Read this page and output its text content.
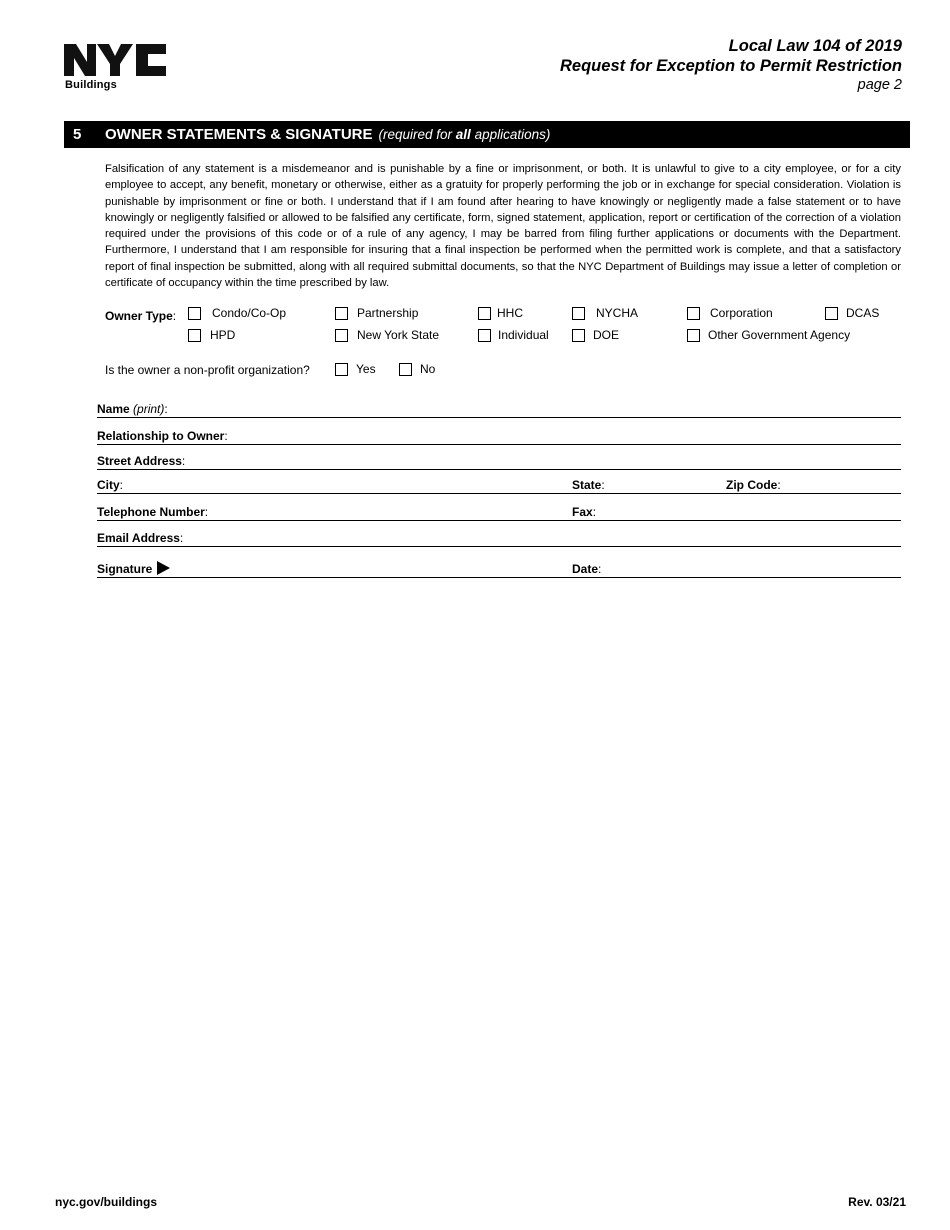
Buildings
Local Law 104 of 2019
Request for Exception to Permit Restriction
page 2
5	OWNER STATEMENTS & SIGNATURE (required for all applications)
Falsification of any statement is a misdemeanor and is punishable by a fine or imprisonment, or both. It is unlawful to give to a city employee, or for a city employee to accept, any benefit, monetary or otherwise, either as a gratuity for properly performing the job or in exchange for special consideration. Violation is punishable by imprisonment or fine or both. I understand that if I am found after hearing to have knowingly or negligently made a false statement or to have knowingly or negligently falsified or allowed to be falsified any certificate, form, signed statement, application, report or certification of the correction of a violation required under the provisions of this code or of a rule of any agency, I may be barred from filing further applications or documents with the Department. Furthermore, I understand that I am responsible for insuring that a final inspection be performed when the permitted work is complete, and that a satisfactory report of final inspection be submitted, along with all required submittal documents, so that the NYC Department of Buildings may issue a letter of completion or certificate of occupancy within the time prescribed by law.
Owner Type:	Condo/Co-Op	Partnership	HHC	NYCHA	Corporation	DCAS
HPD	New York State	Individual	DOE	Other Government Agency
Is the owner a non-profit organization?	Yes	No
Name (print):
Relationship to Owner:
Street Address:
City:	State:	Zip Code:
Telephone Number:	Fax:
Email Address:
Signature	Date:
nyc.gov/buildings	Rev. 03/21
